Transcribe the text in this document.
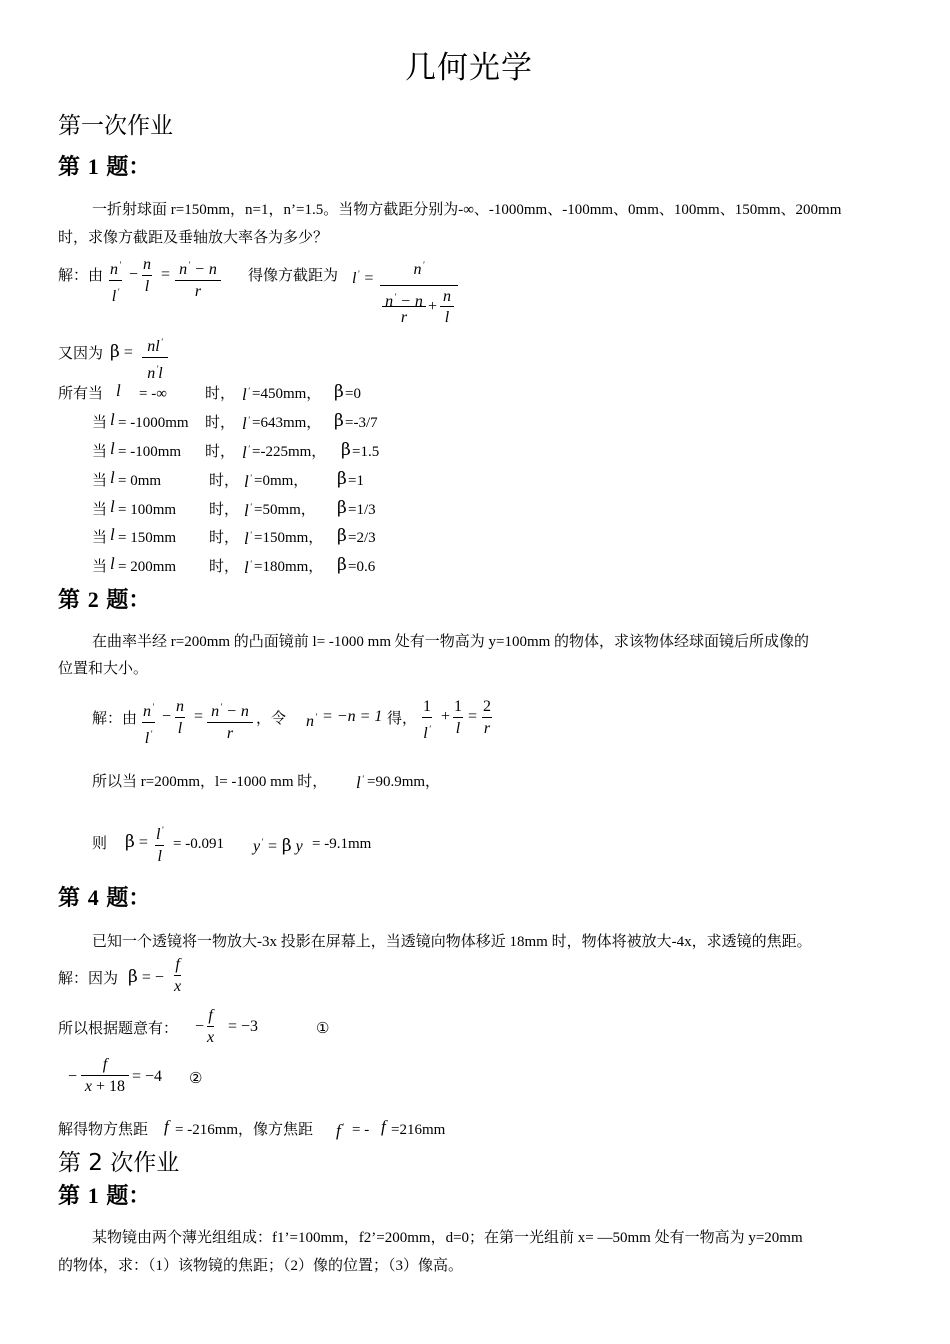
几何光学
第一次作业
第 1 题：
一折射球面 r=150mm，n=1，n’=1.5。当物方截距分别为-∞、-1000mm、-100mm、0mm、100mm、150mm、200mm
时，求像方截距及垂轴放大率各为多少？
解：由 $\frac{n'}{l'} - \frac{n}{l} = \frac{n' - n}{r}$ 得像方截距为 l' = n'
n' − n
r
+
n
l
又因为 $\beta = \frac{nl'}{n'l}$
所有当 l = -∞	时， l' =450mm， β =0
当 l = -1000mm 时， l' =643mm， β =-3/7
当 l = -100mm 时， l' =-225mm， β =1.5
当 l = 0mm	时， l' =0mm， β =1
当 l = 100mm 时， l' =50mm， β =1/3
当 l = 150mm 时， l' =150mm， β =2/3
当 l = 200mm 时， l' =180mm， β =0.6
第 2 题：
在曲率半经 r=200mm 的凸面镜前 l= -1000 mm 处有一物高为 y=100mm 的物体，求该物体经球面镜后所成像的
位置和大小。
解：由 $\frac{n'}{l'} - \frac{n}{l} = \frac{n' - n}{r}$ ，令 n' = −n = 1 得， $\frac{1}{l'} + \frac{1}{l} = \frac{2}{r}$
所以当 r=200mm，l= -1000 mm 时， l' =90.9mm，
则 $\beta = \frac{l'}{l} = -0.091$ y' = β y = -9.1mm
第 4 题：
已知一个透镜将一物放大-3x 投影在屏幕上，当透镜向物体移近 18mm 时，物体将被放大-4x，求透镜的焦距。
解：因为 β = − $\frac{f}{x}$
所以根据题意有： − $\frac{f}{x} = -3$	①
− $\frac{f}{x + 18} = -4$ ②
解得物方焦距 f = -216mm，像方焦距 f' = - f =216mm
第 2 次作业
第 1 题：
某物镜由两个薄光组组成：f1’=100mm，f2’=200mm，d=0；在第一光组前 x= —50mm 处有一物高为 y=20mm
的物体，求：（1）该物镜的焦距；（2）像的位置；（3）像高。
